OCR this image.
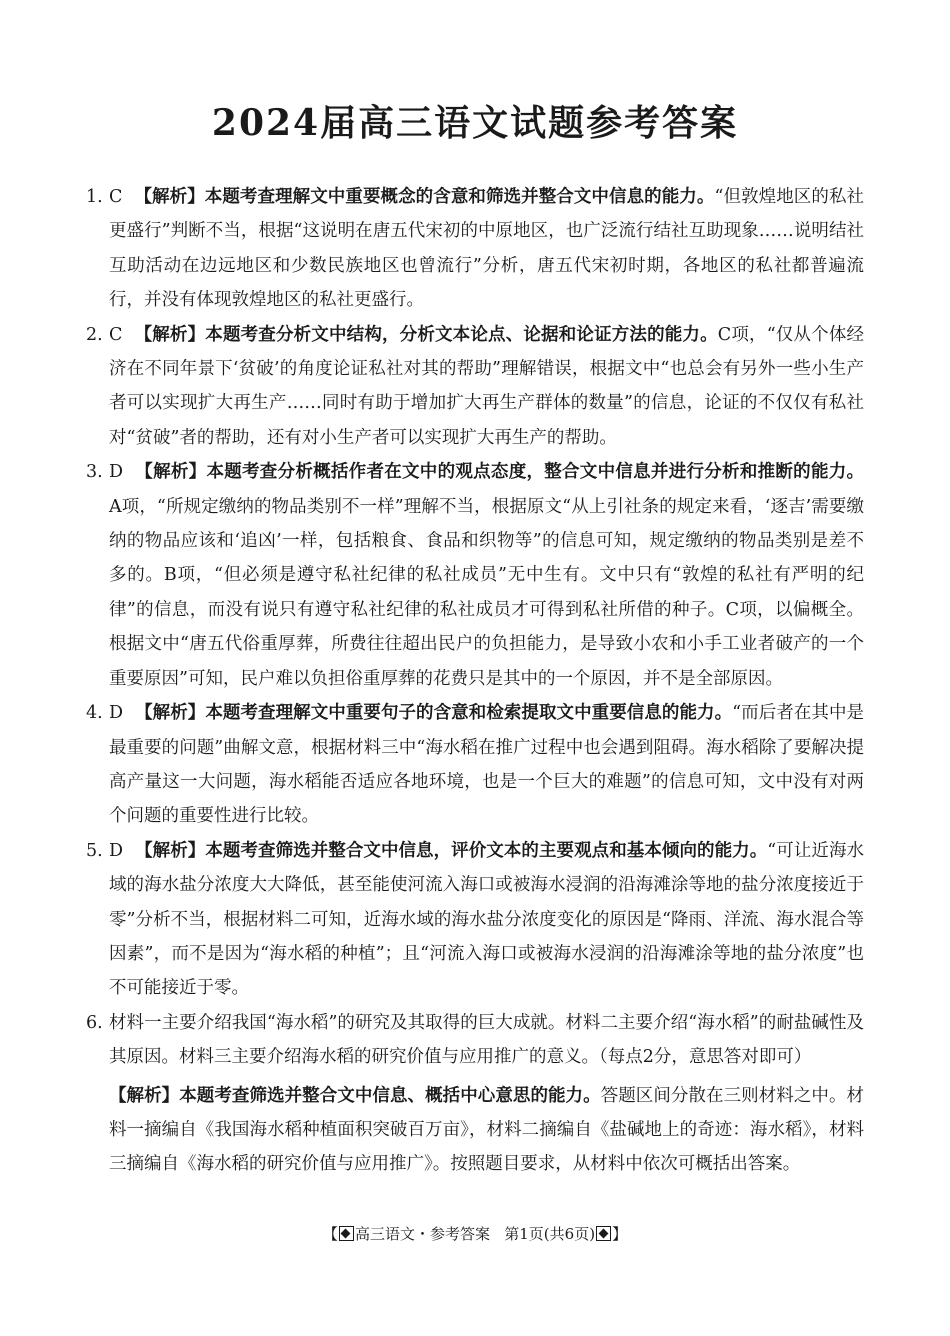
2024届高三语文试题参考答案
1. C 【解析】本题考查理解文中重要概念的含意和筛选并整合文中信息的能力。“但敦煌地区的私社更盛行”判断不当，根据“这说明在唐五代宋初的中原地区，也广泛流行结社互助现象……说明结社互助活动在边远地区和少数民族地区也曾流行”分析，唐五代宋初时期，各地区的私社都普遍流行，并没有体现敦煌地区的私社更盛行。
2. C 【解析】本题考查分析文中结构，分析文本论点、论据和论证方法的能力。C项，“仅从个体经济在不同年景下‘贫破’的角度论证私社对其的帮助”理解错误，根据文中“也总会有另外一些小生产者可以实现扩大再生产……同时有助于增加扩大再生产群体的数量”的信息，论证的不仅仅有私社对“贫破”者的帮助，还有对小生产者可以实现扩大再生产的帮助。
3. D 【解析】本题考查分析概括作者在文中的观点态度，整合文中信息并进行分析和推断的能力。A项，“所规定缴纳的物品类别不一样”理解不当，根据原文“从上引社条的规定来看，‘逐吉’需要缴纳的物品应该和‘追凶’一样，包括粮食、食品和织物等”的信息可知，规定缴纳的物品类别是差不多的。B项，“但必须是遵守私社纪律的私社成员”无中生有。文中只有“敦煌的私社有严明的纪律”的信息，而没有说只有遵守私社纪律的私社成员才可得到私社所借的种子。C项，以偏概全。根据文中“唐五代俗重厚葬，所费往往超出民户的负担能力，是导致小农和小手工业者破产的一个重要原因”可知，民户难以负担俗重厚葬的花费只是其中的一个原因，并不是全部原因。
4. D 【解析】本题考查理解文中重要句子的含意和检索提取文中重要信息的能力。“而后者在其中是最重要的问题”曲解文意，根据材料三中“海水稻在推广过程中也会遇到阻碍。海水稻除了要解决提高产量这一大问题，海水稻能否适应各地环境，也是一个巨大的难题”的信息可知，文中没有对两个问题的重要性进行比较。
5. D 【解析】本题考查筛选并整合文中信息，评价文本的主要观点和基本倾向的能力。“可让近海水域的海水盐分浓度大大降低，甚至能使河流入海口或被海水浸润的沿海滩涂等地的盐分浓度接近于零”分析不当，根据材料二可知，近海水域的海水盐分浓度变化的原因是“降雨、洋流、海水混合等因素”，而不是因为“海水稻的种植”；且“河流入海口或被海水浸润的沿海滩涂等地的盐分浓度”也不可能接近于零。
6. 材料一主要介绍我国“海水稻”的研究及其取得的巨大成就。材料二主要介绍“海水稻”的耐盐碱性及其原因。材料三主要介绍海水稻的研究价值与应用推广的意义。（每点2分，意思答对即可）
【解析】本题考查筛选并整合文中信息、概括中心意思的能力。答题区间分散在三则材料之中。材料一摘编自《我国海水稻种植面积突破百万亩》，材料二摘编自《盐碱地上的奇迹：海水稻》，材料三摘编自《海水稻的研究价值与应用推广》。按照题目要求，从材料中依次可概括出答案。
【 高三语文・参考答案 第1页(共6页) 】
